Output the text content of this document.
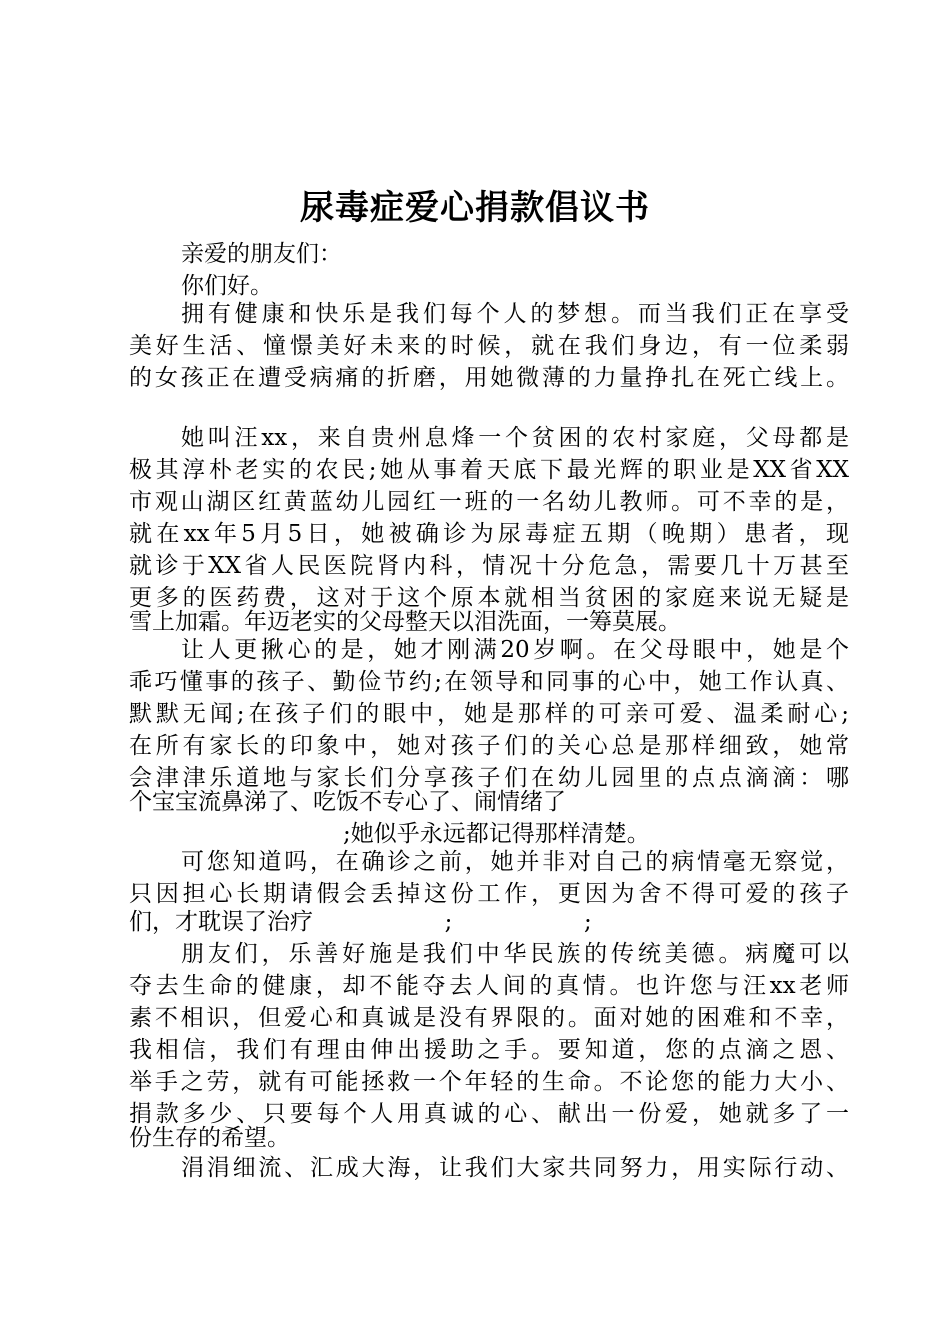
尿毒症爱心捐款倡议书
亲爱的朋友们：
你们好。
拥有健康和快乐是我们每个人的梦想。而当我们正在享受
美好生活、憧憬美好未来的时候，就在我们身边，有一位柔弱
的女孩正在遭受病痛的折磨，用她微薄的力量挣扎在死亡线上。
她叫汪xx，来自贵州息烽一个贫困的农村家庭，父母都是
极其淳朴老实的农民;她从事着天底下最光辉的职业是XX省XX
市观山湖区红黄蓝幼儿园红一班的一名幼儿教师。可不幸的是，
就在xx年5月5日，她被确诊为尿毒症五期（晚期）患者，现
就诊于XX省人民医院肾内科，情况十分危急，需要几十万甚至
更多的医药费，这对于这个原本就相当贫困的家庭来说无疑是
雪上加霜。年迈老实的父母整天以泪洗面，一筹莫展。
让人更揪心的是，她才刚满20岁啊。在父母眼中，她是个
乖巧懂事的孩子、勤俭节约;在领导和同事的心中，她工作认真、
默默无闻;在孩子们的眼中，她是那样的可亲可爱、温柔耐心;
在所有家长的印象中，她对孩子们的关心总是那样细致，她常
会津津乐道地与家长们分享孩子们在幼儿园里的点点滴滴：哪
个宝宝流鼻涕了、吃饭不专心了、闹情绪了
;她似乎永远都记得那样清楚。
可您知道吗，在确诊之前，她并非对自己的病情毫无察觉，
只因担心长期请假会丢掉这份工作，更因为舍不得可爱的孩子
们，才耽误了治疗                  ;                  ;
朋友们，乐善好施是我们中华民族的传统美德。病魔可以
夺去生命的健康，却不能夺去人间的真情。也许您与汪xx老师
素不相识，但爱心和真诚是没有界限的。面对她的困难和不幸，
我相信，我们有理由伸出援助之手。要知道，您的点滴之恩、
举手之劳，就有可能拯救一个年轻的生命。不论您的能力大小、
捐款多少、只要每个人用真诚的心、献出一份爱，她就多了一
份生存的希望。
涓涓细流、汇成大海，让我们大家共同努力，用实际行动、
